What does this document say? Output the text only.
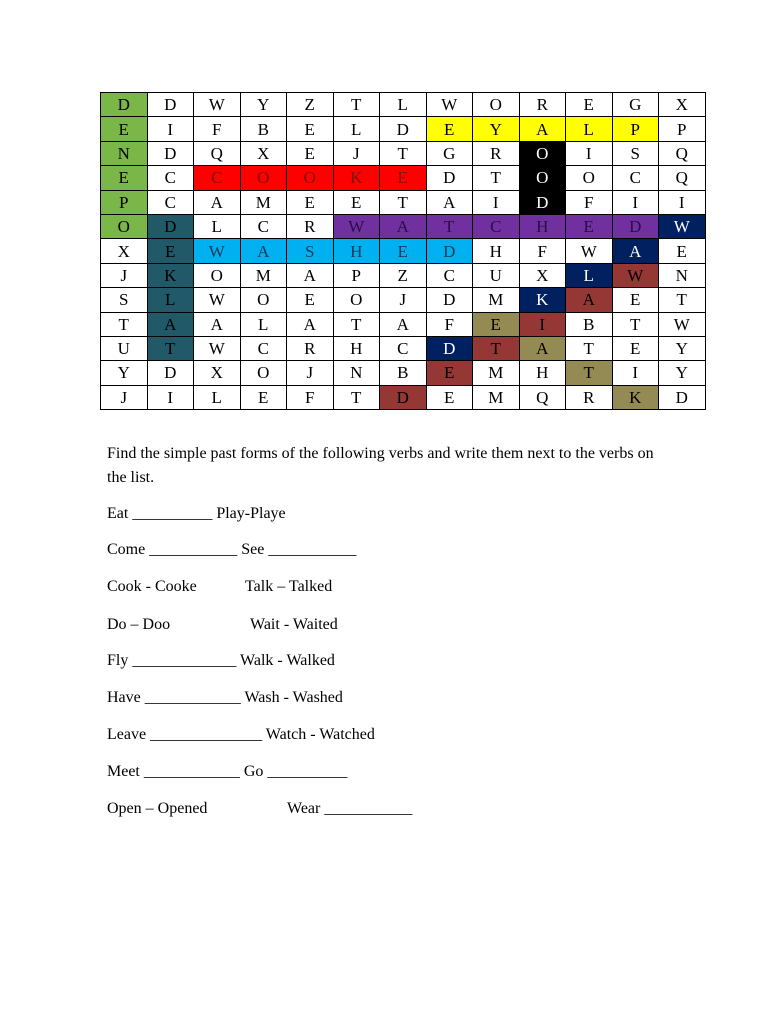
D	D	W	Y	Z	T	L	W	O	R	E	G	X
E	I	F	B	E	L	D	E	Y	A	L	P	P
N	D	Q	X	E	J	T	G	R	O	I	S	Q
E	C	C	O	O	K	E	D	T	O	O	C	Q
P	C	A	M	E	E	T	A	I	D	F	I	I
O	D	L	C	R	W	A	T	C	H	E	D	W
X	E	W	A	S	H	E	D	H	F	W	A	E
J	K	O	M	A	P	Z	C	U	X	L	W	N
S	L	W	O	E	O	J	D	M	K	A	E	T
T	A	A	L	A	T	A	F	E	I	B	T	W
U	T	W	C	R	H	C	D	T	A	T	E	Y
Y	D	X	O	J	N	B	E	M	H	T	I	Y
J	I	L	E	F	T	D	E	M	Q	R	K	D

Find the simple past forms of the following verbs and write them next to the verbs on the list.

Eat __________ Play-Playe

Come ___________ See ___________

Cook - Cooke	Talk – Talked

Do – Doo	Wait - Waited

Fly _____________ Walk - Walked

Have ____________ Wash - Washed

Leave ______________ Watch - Watched

Meet ____________ Go __________

Open – Opened	Wear ___________
